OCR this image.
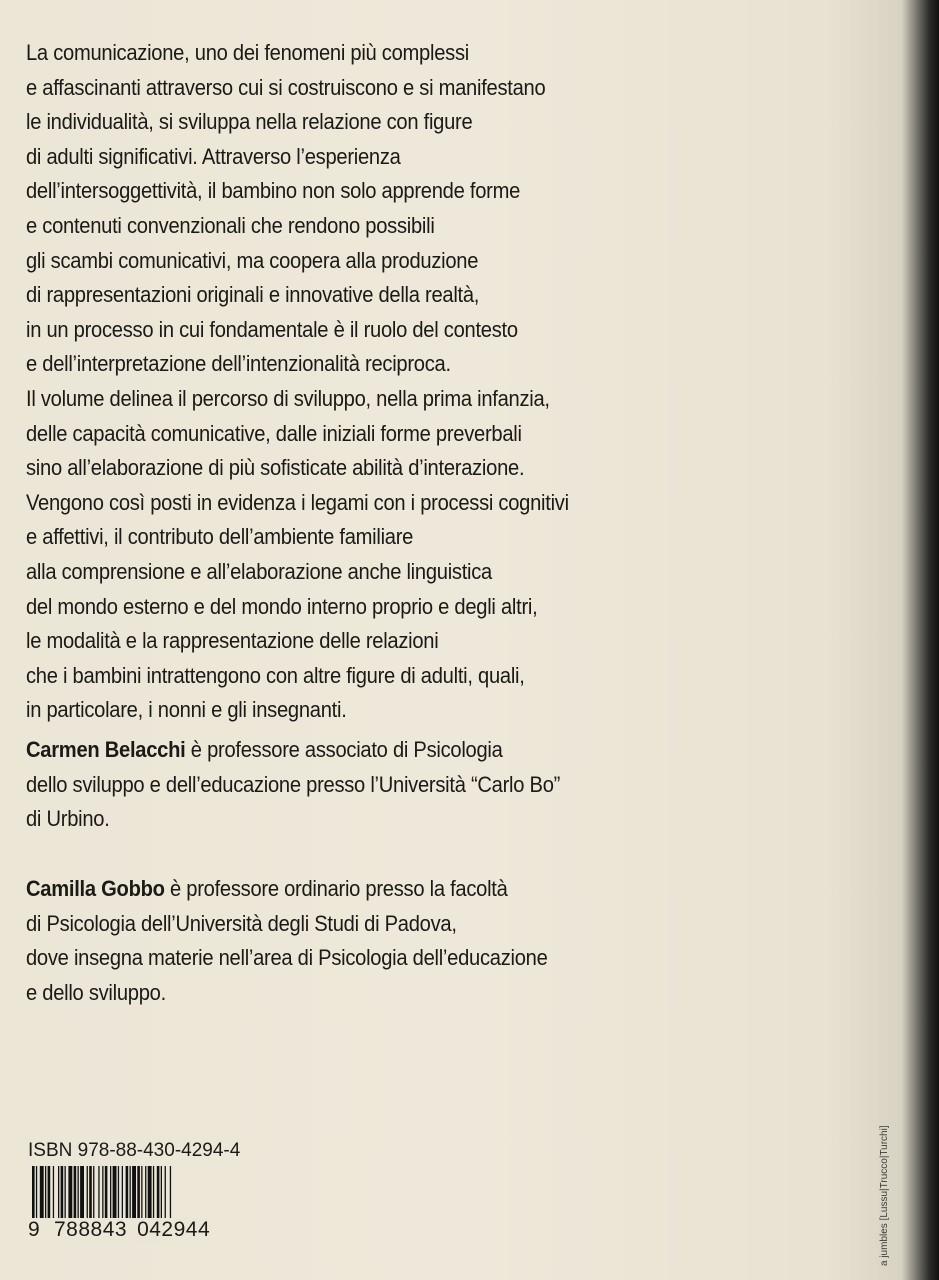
La comunicazione, uno dei fenomeni più complessi
e affascinanti attraverso cui si costruiscono e si manifestano
le individualità, si sviluppa nella relazione con figure
di adulti significativi. Attraverso l’esperienza
dell’intersoggettività, il bambino non solo apprende forme
e contenuti convenzionali che rendono possibili
gli scambi comunicativi, ma coopera alla produzione
di rappresentazioni originali e innovative della realtà,
in un processo in cui fondamentale è il ruolo del contesto
e dell’interpretazione dell’intenzionalità reciproca.
Il volume delinea il percorso di sviluppo, nella prima infanzia,
delle capacità comunicative, dalle iniziali forme preverbali
sino all’elaborazione di più sofisticate abilità d’interazione.
Vengono così posti in evidenza i legami con i processi cognitivi
e affettivi, il contributo dell’ambiente familiare
alla comprensione e all’elaborazione anche linguistica
del mondo esterno e del mondo interno proprio e degli altri,
le modalità e la rappresentazione delle relazioni
che i bambini intrattengono con altre figure di adulti, quali,
in particolare, i nonni e gli insegnanti.
Carmen Belacchi è professore associato di Psicologia
dello sviluppo e dell’educazione presso l’Università “Carlo Bo”
di Urbino.
Camilla Gobbo è professore ordinario presso la facoltà
di Psicologia dell’Università degli Studi di Padova,
dove insegna materie nell’area di Psicologia dell’educazione
e dello sviluppo.
ISBN 978-88-430-4294-4
9 788843 042944	a jumbles [Lussu|Trucco|Turchi]
